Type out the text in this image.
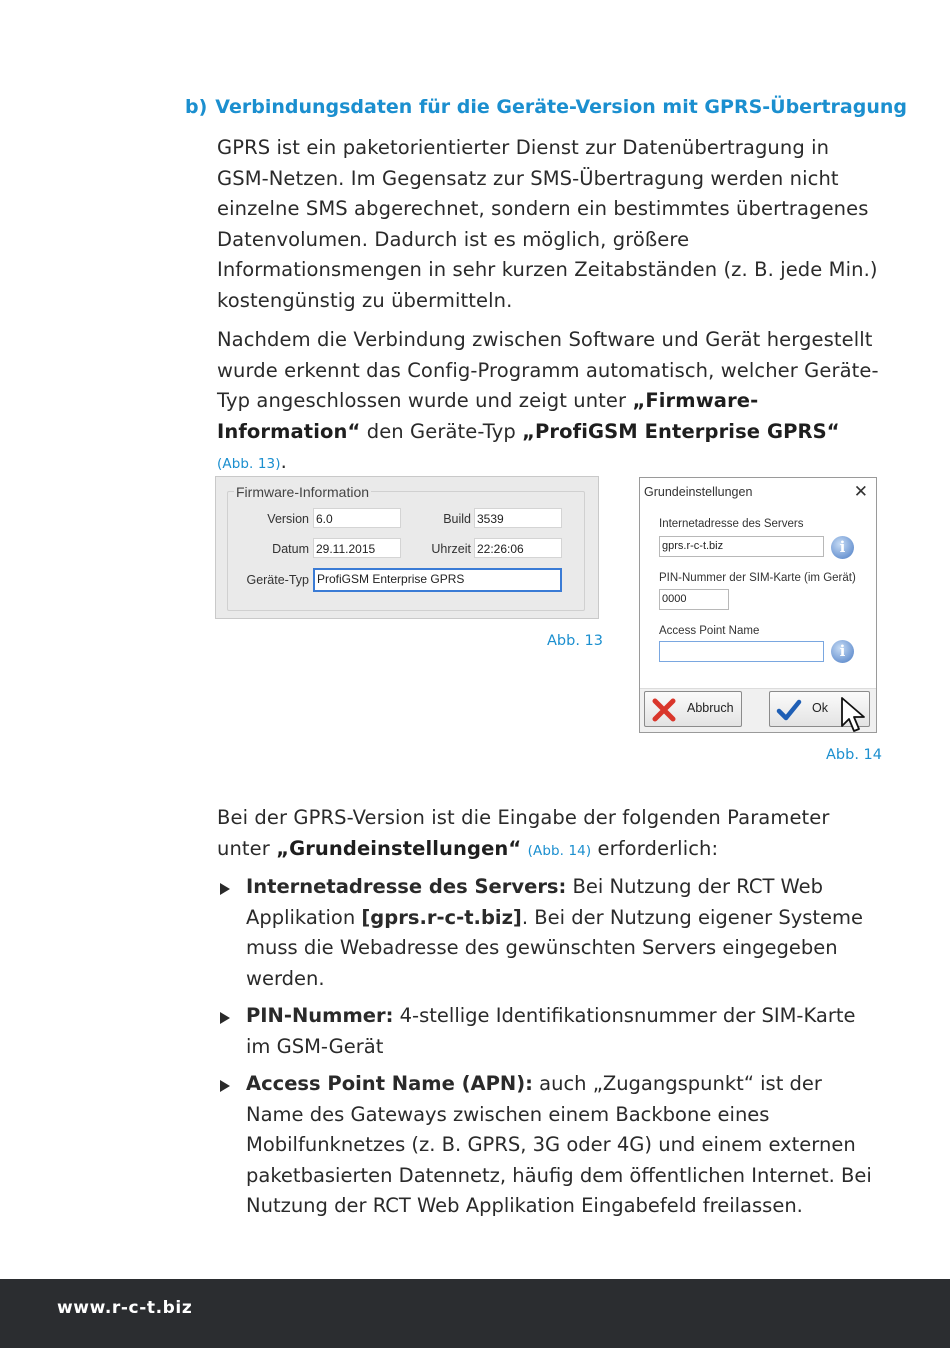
b) Verbindungsdaten für die Geräte-Version mit GPRS-Übertragung
GPRS ist ein paketorientierter Dienst zur Datenübertragung in GSM-Netzen. Im Gegensatz zur SMS-Übertragung werden nicht einzelne SMS abgerechnet, sondern ein bestimmtes übertragenes Datenvolumen. Dadurch ist es möglich, größere Informationsmengen in sehr kurzen Zeitabständen (z. B. jede Min.) kostengünstig zu übermitteln.
Nachdem die Verbindung zwischen Software und Gerät hergestellt wurde erkennt das Config-Programm automatisch, welcher Geräte-Typ angeschlossen wurde und zeigt unter „Firmware-Information“ den Geräte-Typ „ProfiGSM Enterprise GPRS“ (Abb. 13).
Firmware-Information
Version 6.0	Build 3539
Datum 29.11.2015	Uhrzeit 22:26:06
Geräte-Typ ProfiGSM Enterprise GPRS
Abb. 13
Grundeinstellungen	✕
Internetadresse des Servers
gprs.r-c-t.biz	i
PIN-Nummer der SIM-Karte (im Gerät)
0000
Access Point Name
i
Abbruch	Ok
Abb. 14
Bei der GPRS-Version ist die Eingabe der folgenden Parameter unter „Grundeinstellungen“ (Abb. 14) erforderlich:
Internetadresse des Servers: Bei Nutzung der RCT Web Applikation [gprs.r-c-t.biz]. Bei der Nutzung eigener Systeme muss die Webadresse des gewünschten Servers eingegeben werden.
PIN-Nummer: 4-stellige Identifikationsnummer der SIM-Karte im GSM-Gerät
Access Point Name (APN): auch „Zugangspunkt“ ist der Name des Gateways zwischen einem Backbone eines Mobilfunknetzes (z. B. GPRS, 3G oder 4G) und einem externen paketbasierten Datennetz, häufig dem öffentlichen Internet. Bei Nutzung der RCT Web Applikation Eingabefeld freilassen.
www.r-c-t.biz
